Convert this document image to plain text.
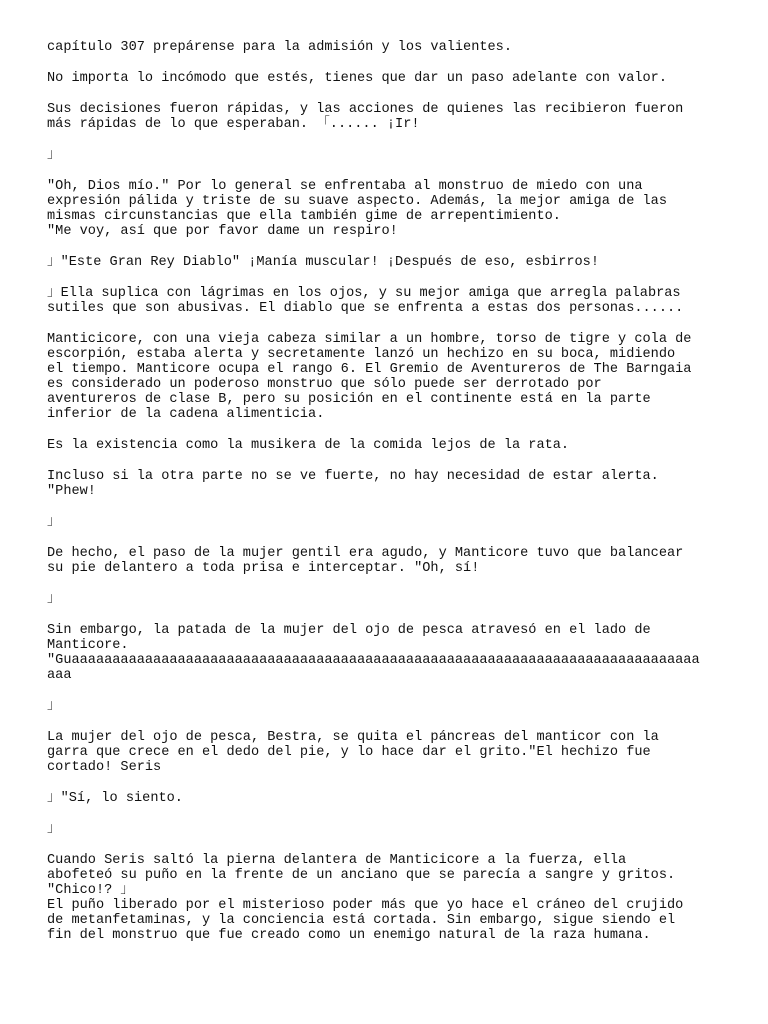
capítulo 307 prepárense para la admisión y los valientes.

No importa lo incómodo que estés, tienes que dar un paso adelante con valor.

Sus decisiones fueron rápidas, y las acciones de quienes las recibieron fueron
más rápidas de lo que esperaban. 「...... ¡Ir!

」

"Oh, Dios mío." Por lo general se enfrentaba al monstruo de miedo con una
expresión pálida y triste de su suave aspecto. Además, la mejor amiga de las
mismas circunstancias que ella también gime de arrepentimiento.
"Me voy, así que por favor dame un respiro!

」"Este Gran Rey Diablo" ¡Manía muscular! ¡Después de eso, esbirros!

」Ella suplica con lágrimas en los ojos, y su mejor amiga que arregla palabras
sutiles que son abusivas. El diablo que se enfrenta a estas dos personas......

Manticicore, con una vieja cabeza similar a un hombre, torso de tigre y cola de
escorpión, estaba alerta y secretamente lanzó un hechizo en su boca, midiendo
el tiempo. Manticore ocupa el rango 6. El Gremio de Aventureros de The Barngaia
es considerado un poderoso monstruo que sólo puede ser derrotado por
aventureros de clase B, pero su posición en el continente está en la parte
inferior de la cadena alimenticia.

Es la existencia como la musikera de la comida lejos de la rata.

Incluso si la otra parte no se ve fuerte, no hay necesidad de estar alerta.
"Phew!

」

De hecho, el paso de la mujer gentil era agudo, y Manticore tuvo que balancear
su pie delantero a toda prisa e interceptar. "Oh, sí!

」

Sin embargo, la patada de la mujer del ojo de pesca atravesó en el lado de
Manticore.
"Guaaaaaaaaaaaaaaaaaaaaaaaaaaaaaaaaaaaaaaaaaaaaaaaaaaaaaaaaaaaaaaaaaaaaaaaaaaaaa
aaa

」

La mujer del ojo de pesca, Bestra, se quita el páncreas del manticor con la
garra que crece en el dedo del pie, y lo hace dar el grito."El hechizo fue
cortado! Seris

」"Sí, lo siento.

」

Cuando Seris saltó la pierna delantera de Manticicore a la fuerza, ella
abofeteó su puño en la frente de un anciano que se parecía a sangre y gritos.
"Chico!? 」
El puño liberado por el misterioso poder más que yo hace el cráneo del crujido
de metanfetaminas, y la conciencia está cortada. Sin embargo, sigue siendo el
fin del monstruo que fue creado como un enemigo natural de la raza humana.
